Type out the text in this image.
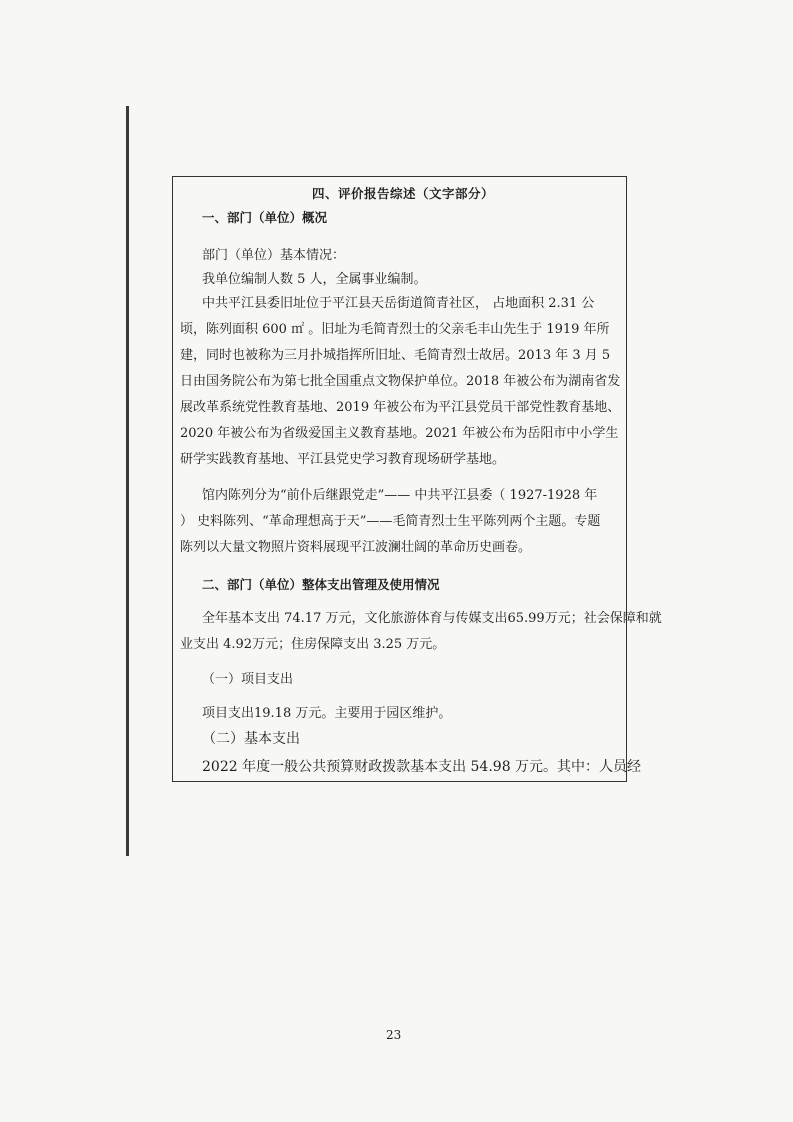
四、评价报告综述（文字部分）
一、部门（单位）概况
部门（单位）基本情况：
我单位编制人数 5 人，全属事业编制。
中共平江县委旧址位于平江县天岳街道简青社区， 占地面积 2.31 公
顷，陈列面积 600 ㎡ 。旧址为毛简青烈士的父亲毛丰山先生于 1919 年所
建，同时也被称为三月扑城指挥所旧址、毛简青烈士故居。2013 年 3 月 5
日由国务院公布为第七批全国重点文物保护单位。2018 年被公布为湖南省发
展改革系统党性教育基地、2019 年被公布为平江县党员干部党性教育基地、
2020 年被公布为省级爱国主义教育基地。2021 年被公布为岳阳市中小学生
研学实践教育基地、平江县党史学习教育现场研学基地。
馆内陈列分为“前仆后继跟党走”—— 中共平江县委（ 1927-1928 年
） 史料陈列、“革命理想高于天”——毛简青烈士生平陈列两个主题。专题
陈列以大量文物照片资料展现平江波澜壮阔的革命历史画卷。
二、部门（单位）整体支出管理及使用情况
全年基本支出 74.17 万元，文化旅游体育与传媒支出65.99万元；社会保障和就
业支出 4.92万元；住房保障支出 3.25 万元。
（一）项目支出
项目支出19.18 万元。主要用于园区维护。
（二）基本支出
2022 年度一般公共预算财政拨款基本支出 54.98 万元。其中：人员经
23
